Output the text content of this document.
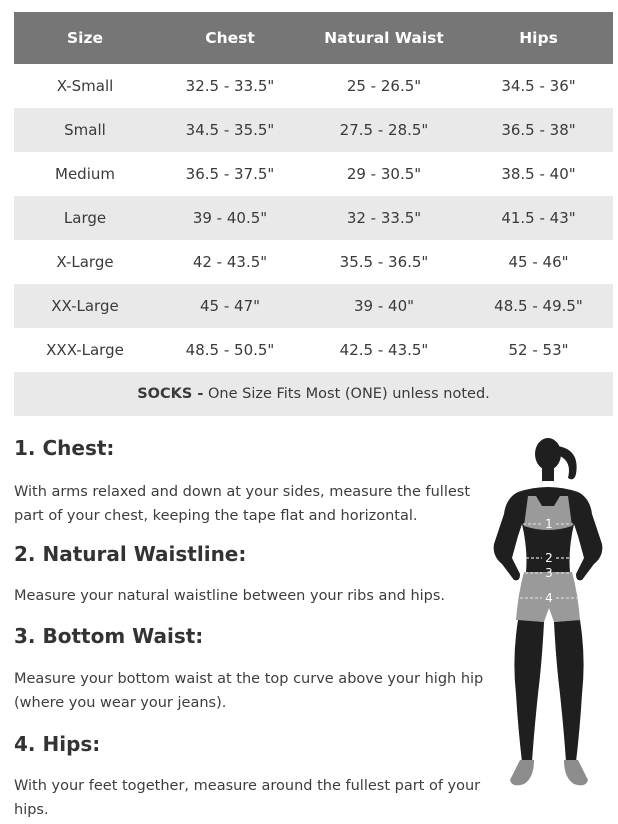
Size	Chest	Natural Waist	Hips
X-Small	32.5 - 33.5"	25 - 26.5"	34.5 - 36"
Small	34.5 - 35.5"	27.5 - 28.5"	36.5 - 38"
Medium	36.5 - 37.5"	29 - 30.5"	38.5 - 40"
Large	39 - 40.5"	32 - 33.5"	41.5 - 43"
X-Large	42 - 43.5"	35.5 - 36.5"	45 - 46"
XX-Large	45 - 47"	39 - 40"	48.5 - 49.5"
XXX-Large	48.5 - 50.5"	42.5 - 43.5"	52 - 53"
SOCKS - One Size Fits Most (ONE) unless noted.			
1. Chest:

With arms relaxed and down at your sides, measure the fullest part of your chest, keeping the tape flat and horizontal.

2. Natural Waistline:

Measure your natural waistline between your ribs and hips.

3. Bottom Waist:

Measure your bottom waist at the top curve above your high hip (where you wear your jeans).

4. Hips:

With your feet together, measure around the fullest part of your hips.

1
2
3
4
